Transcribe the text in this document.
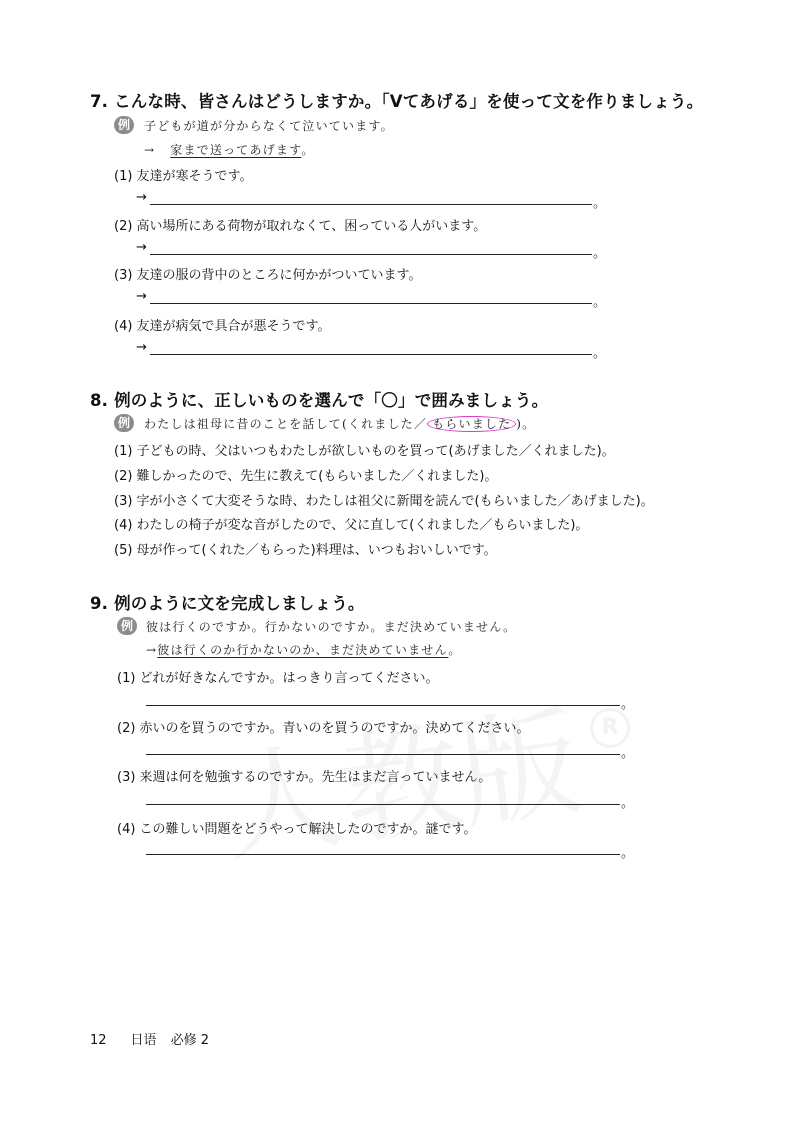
R
7. こんな時、皆さんはどうしますか。「Vてあげる」を使って文を作りましょう。
例	子どもが道が分からなくて泣いています。
→ 家まで送ってあげます。
(1) 友達が寒そうです。
→	。
(2) 高い場所にある荷物が取れなくて、困っている人がいます。
→	。
(3) 友達の服の背中のところに何かがついています。
→	。
(4) 友達が病気で具合が悪そうです。
→	。
8. 例のように、正しいものを選んで「〇」で囲みましょう。
例	わたしは祖母に昔のことを話して(くれました／ もらいました )。
(1) 子どもの時、父はいつもわたしが欲しいものを買って(あげました／くれました)。
(2) 難しかったので、先生に教えて(もらいました／くれました)。
(3) 字が小さくて大変そうな時、わたしは祖父に新聞を読んで(もらいました／あげました)。
(4) わたしの椅子が変な音がしたので、父に直して(くれました／もらいました)。
(5) 母が作って(くれた／もらった)料理は、いつもおいしいです。
9. 例のように文を完成しましょう。
例	彼は行くのですか。行かないのですか。まだ決めていません。
→彼は行くのか行かないのか、まだ決めていません。
(1) どれが好きなんですか。はっきり言ってください。
。
(2) 赤いのを買うのですか。青いのを買うのですか。決めてください。
。
(3) 来週は何を勉強するのですか。先生はまだ言っていません。
。
(4) この難しい問題をどうやって解決したのですか。謎です。
。
12 日语 必修 2
